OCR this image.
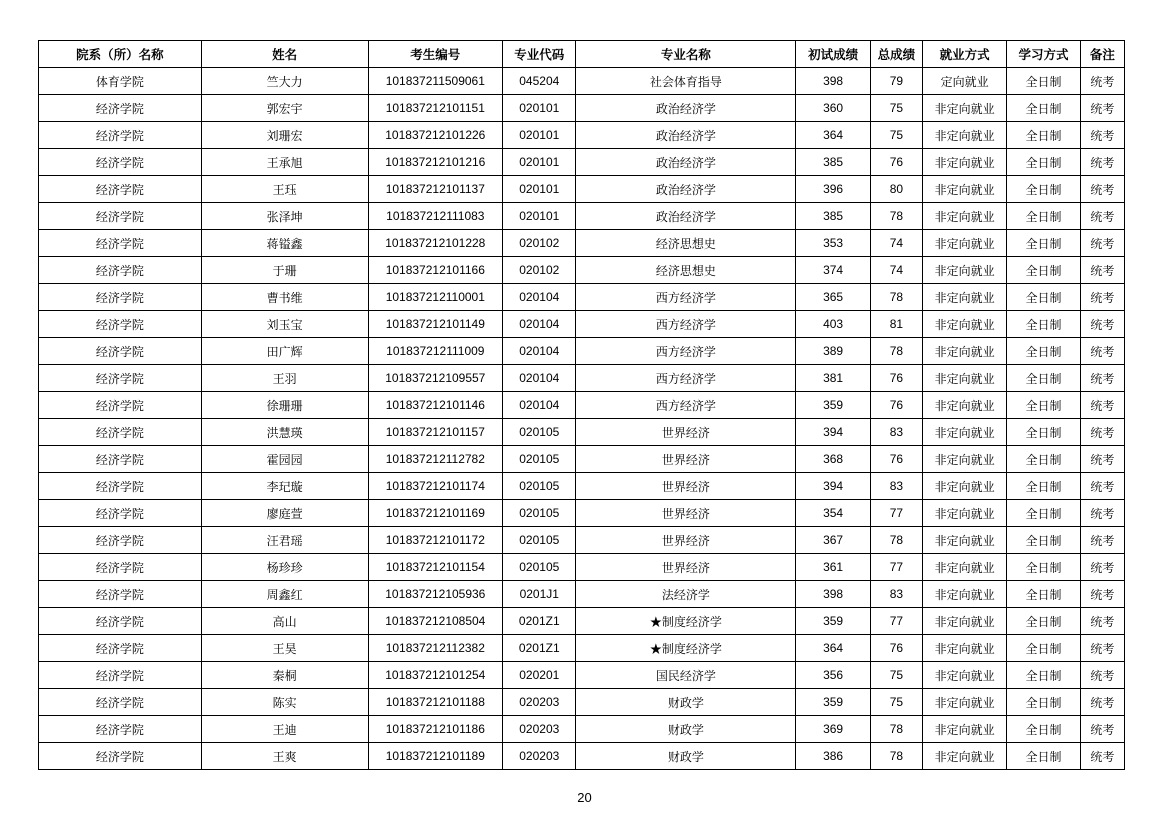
院系（所）名称	姓名	考生编号	专业代码	专业名称	初试成绩	总成绩	就业方式	学习方式	备注
体育学院	竺大力	101837211509061	045204	社会体育指导	398	79	定向就业	全日制	统考
经济学院	郭宏宇	101837212101151	020101	政治经济学	360	75	非定向就业	全日制	统考
经济学院	刘珊宏	101837212101226	020101	政治经济学	364	75	非定向就业	全日制	统考
经济学院	王承旭	101837212101216	020101	政治经济学	385	76	非定向就业	全日制	统考
经济学院	王珏	101837212101137	020101	政治经济学	396	80	非定向就业	全日制	统考
经济学院	张泽坤	101837212111083	020101	政治经济学	385	78	非定向就业	全日制	统考
经济学院	蒋镒鑫	101837212101228	020102	经济思想史	353	74	非定向就业	全日制	统考
经济学院	于珊	101837212101166	020102	经济思想史	374	74	非定向就业	全日制	统考
经济学院	曹书维	101837212110001	020104	西方经济学	365	78	非定向就业	全日制	统考
经济学院	刘玉宝	101837212101149	020104	西方经济学	403	81	非定向就业	全日制	统考
经济学院	田广辉	101837212111009	020104	西方经济学	389	78	非定向就业	全日制	统考
经济学院	王羽	101837212109557	020104	西方经济学	381	76	非定向就业	全日制	统考
经济学院	徐珊珊	101837212101146	020104	西方经济学	359	76	非定向就业	全日制	统考
经济学院	洪慧瑛	101837212101157	020105	世界经济	394	83	非定向就业	全日制	统考
经济学院	霍园园	101837212112782	020105	世界经济	368	76	非定向就业	全日制	统考
经济学院	李玘璇	101837212101174	020105	世界经济	394	83	非定向就业	全日制	统考
经济学院	廖庭萱	101837212101169	020105	世界经济	354	77	非定向就业	全日制	统考
经济学院	汪君瑶	101837212101172	020105	世界经济	367	78	非定向就业	全日制	统考
经济学院	杨珍珍	101837212101154	020105	世界经济	361	77	非定向就业	全日制	统考
经济学院	周鑫红	101837212105936	0201J1	法经济学	398	83	非定向就业	全日制	统考
经济学院	高山	101837212108504	0201Z1	★制度经济学	359	77	非定向就业	全日制	统考
经济学院	王昊	101837212112382	0201Z1	★制度经济学	364	76	非定向就业	全日制	统考
经济学院	秦桐	101837212101254	020201	国民经济学	356	75	非定向就业	全日制	统考
经济学院	陈实	101837212101188	020203	财政学	359	75	非定向就业	全日制	统考
经济学院	王迪	101837212101186	020203	财政学	369	78	非定向就业	全日制	统考
经济学院	王爽	101837212101189	020203	财政学	386	78	非定向就业	全日制	统考
20
